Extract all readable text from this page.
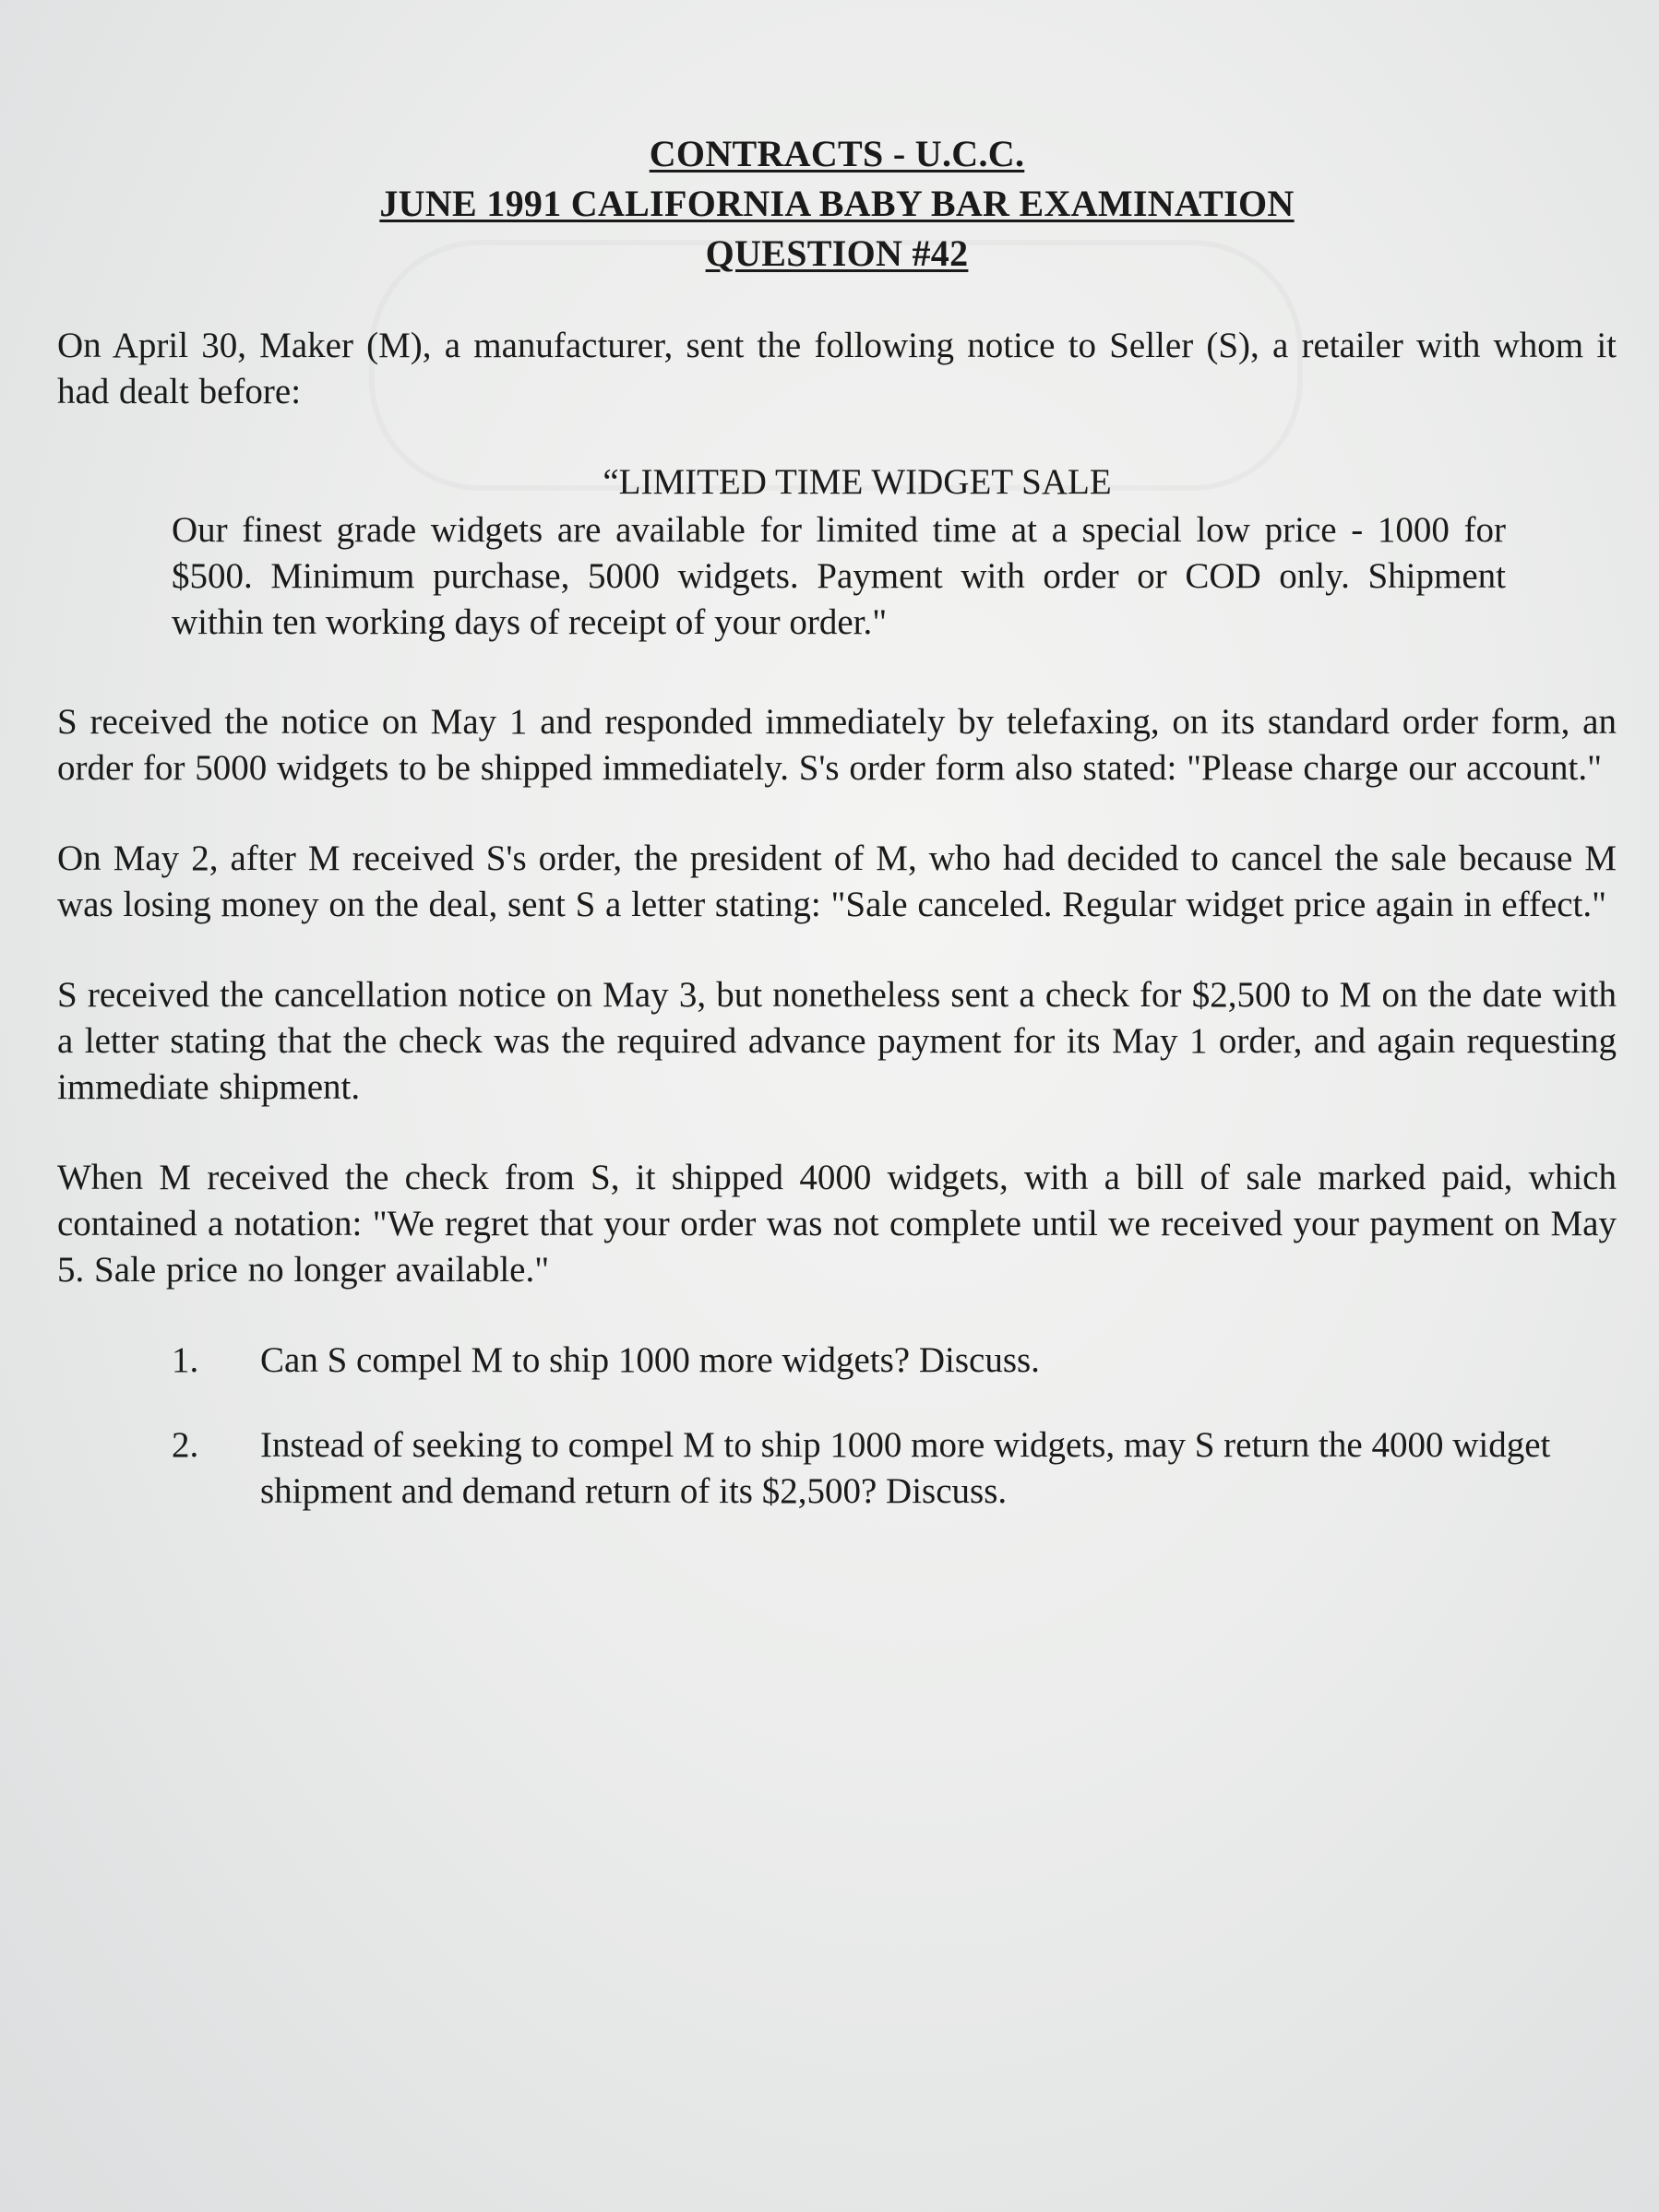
CONTRACTS - U.C.C.
JUNE 1991 CALIFORNIA BABY BAR EXAMINATION
QUESTION #42

On April 30, Maker (M), a manufacturer, sent the following notice to Seller (S), a retailer with whom it had dealt before:

“LIMITED TIME WIDGET SALE
Our finest grade widgets are available for limited time at a special low price - 1000 for $500. Minimum purchase, 5000 widgets. Payment with order or COD only. Shipment within ten working days of receipt of your order."

S received the notice on May 1 and responded immediately by telefaxing, on its standard order form, an order for 5000 widgets to be shipped immediately. S's order form also stated: "Please charge our account."

On May 2, after M received S's order, the president of M, who had decided to cancel the sale because M was losing money on the deal, sent S a letter stating: "Sale canceled. Regular widget price again in effect."

S received the cancellation notice on May 3, but nonetheless sent a check for $2,500 to M on the date with a letter stating that the check was the required advance payment for its May 1 order, and again requesting immediate shipment.

When M received the check from S, it shipped 4000 widgets, with a bill of sale marked paid, which contained a notation: "We regret that your order was not complete until we received your payment on May 5. Sale price no longer available."

1.	Can S compel M to ship 1000 more widgets? Discuss.
2.	Instead of seeking to compel M to ship 1000 more widgets, may S return the 4000 widget shipment and demand return of its $2,500? Discuss.
